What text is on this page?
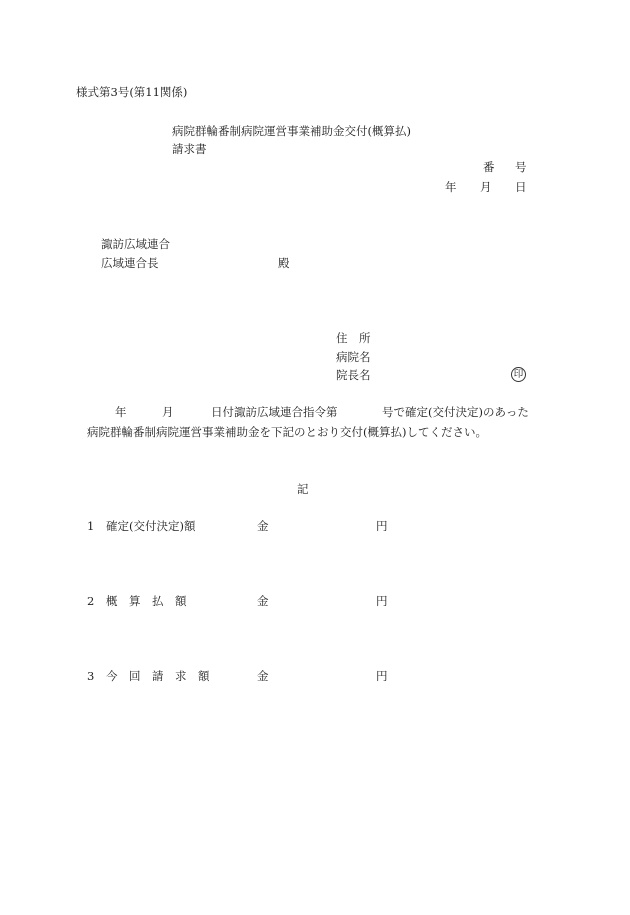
様式第3号(第11関係)
病院群輪番制病院運営事業補助金交付(概算払)
請求書
番 号
年 月 日
諏訪広域連合
広域連合長	殿
住　所
病院名
院長名	印
年	月	日付諏訪広域連合指令第	号で確定(交付決定)のあった
病院群輪番制病院運営事業補助金を下記のとおり交付(概算払)してください。
記
1 確定(交付決定)額	金	円
2 概　算　払　額	金	円
3 今　回　請　求　額	金	円
